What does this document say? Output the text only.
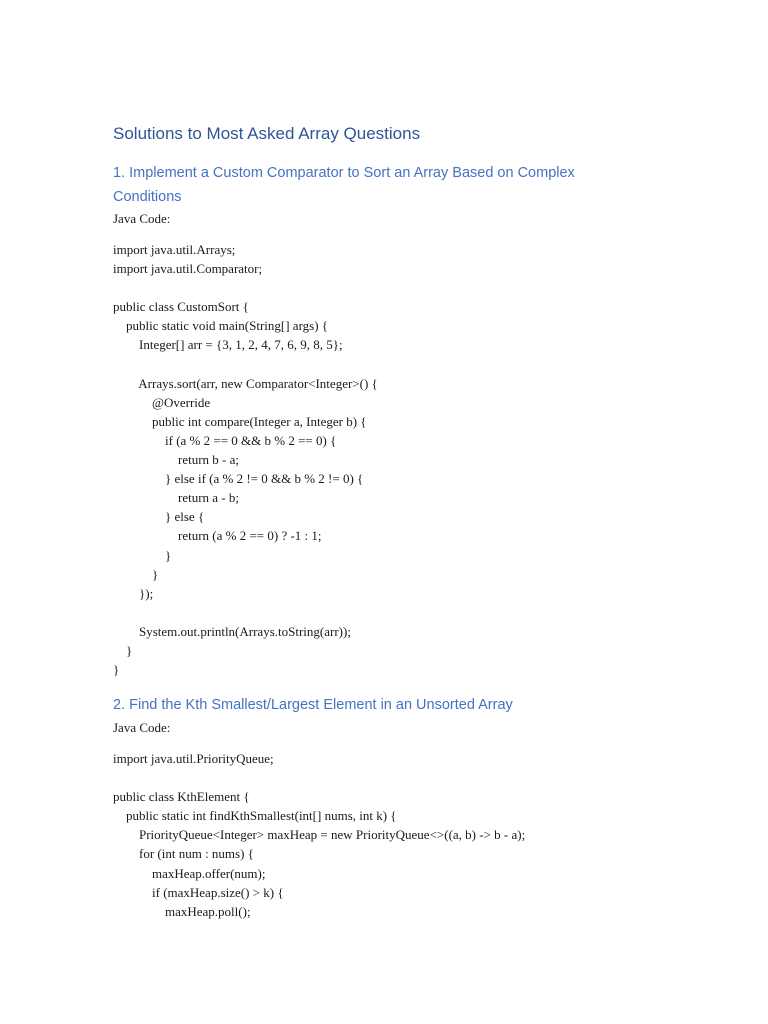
Solutions to Most Asked Array Questions
1. Implement a Custom Comparator to Sort an Array Based on Complex Conditions

Java Code:

import java.util.Arrays;
import java.util.Comparator;
public class CustomSort {
public static void main(String[] args) {
Integer[] arr = {3, 1, 2, 4, 7, 6, 9, 8, 5};
Arrays.sort(arr, new Comparator<Integer>() {
@Override
public int compare(Integer a, Integer b) {
if (a % 2 == 0 && b % 2 == 0) {
return b - a;
} else if (a % 2 != 0 && b % 2 != 0) {
return a - b;
} else {
return (a % 2 == 0) ? -1 : 1;
}
}
});
System.out.println(Arrays.toString(arr));
}
}
2. Find the Kth Smallest/Largest Element in an Unsorted Array

Java Code:

import java.util.PriorityQueue;
public class KthElement {
public static int findKthSmallest(int[] nums, int k) {
PriorityQueue<Integer> maxHeap = new PriorityQueue<>((a, b) -> b - a);
for (int num : nums) {
maxHeap.offer(num);
if (maxHeap.size() > k) {
maxHeap.poll();
